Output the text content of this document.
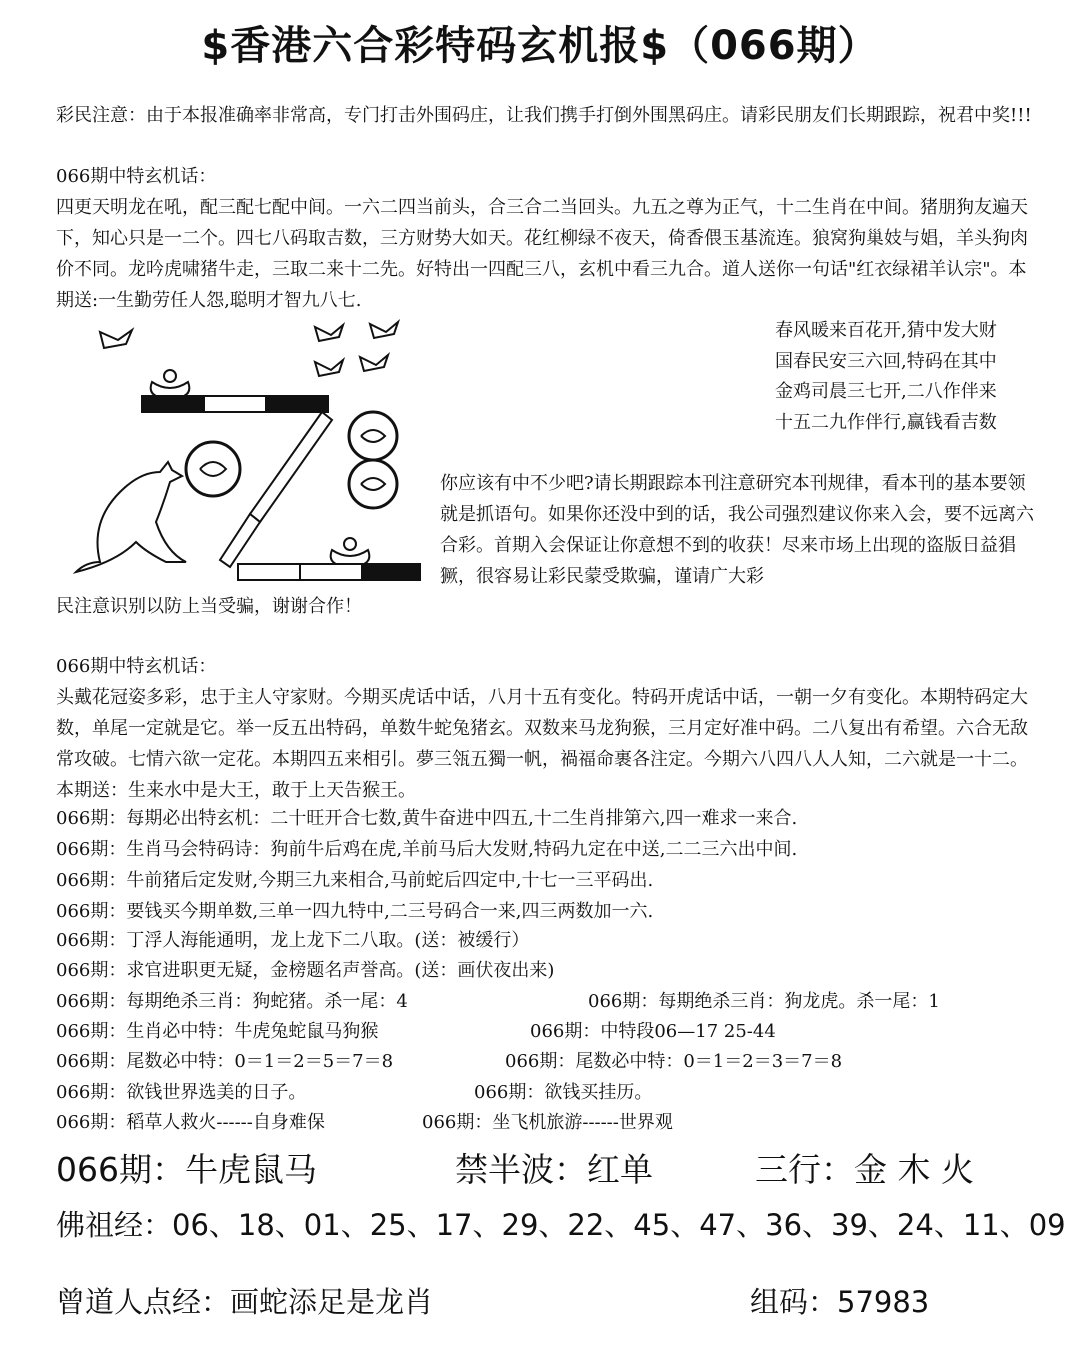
$香港六合彩特码玄机报$（066期）
彩民注意：由于本报准确率非常高，专门打击外围码庄，让我们携手打倒外围黑码庄。请彩民朋友们长期跟踪，祝君中奖!!!
066期中特玄机话：
四更天明龙在吼，配三配七配中间。一六二四当前头，合三合二当回头。九五之尊为正气，十二生肖在中间。猪朋狗友遍天下，知心只是一二个。四七八码取吉数，三方财势大如天。花红柳绿不夜天，倚香偎玉基流连。狼窝狗巢妓与娼，羊头狗肉价不同。龙吟虎啸猪牛走，三取二来十二先。好特出一四配三八，玄机中看三九合。道人送你一句话"红衣绿裙羊认宗"。本期送:一生勤劳任人怨,聪明才智九八七.
春风暖来百花开,猜中发大财
国春民安三六回,特码在其中
金鸡司晨三七开,二八作伴来
十五二九作伴行,赢钱看吉数
你应该有中不少吧?请长期跟踪本刊注意研究本刊规律，看本刊的基本要领就是抓语句。如果你还没中到的话，我公司强烈建议你来入会，要不远离六合彩。首期入会保证让你意想不到的收获！尽来市场上出现的盗版日益猖獗，很容易让彩民蒙受欺骗，谨请广大彩
民注意识别以防上当受骗，谢谢合作！
066期中特玄机话：
头戴花冠姿多彩，忠于主人守家财。今期买虎话中话，八月十五有变化。特码开虎话中话，一朝一夕有变化。本期特码定大数，单尾一定就是它。举一反五出特码，单数牛蛇兔猪玄。双数来马龙狗猴，三月定好准中码。二八复出有希望。六合无敌常攻破。七情六欲一定花。本期四五来相引。夢三瓴五獨一帆，禍福命裹各注定。今期六八四八人人知，二六就是一十二。本期送：生来水中是大王，敢于上天告猴王。
066期：每期必出特玄机：二十旺开合七数,黄牛奋进中四五,十二生肖排第六,四一难求一来合.
066期：生肖马会特码诗：狗前牛后鸡在虎,羊前马后大发财,特码九定在中送,二二三六出中间.
066期：牛前猪后定发财,今期三九来相合,马前蛇后四定中,十七一三平码出.
066期：要钱买今期单数,三单一四九特中,二三号码合一来,四三两数加一六.
066期：丁浮人海能通明，龙上龙下二八取。(送：被缓行）
066期：求官进职更无疑，金榜题名声誉高。(送：画伏夜出来)
066期：每期绝杀三肖：狗蛇猪。杀一尾：4	066期：每期绝杀三肖：狗龙虎。杀一尾：1
066期：生肖必中特：牛虎兔蛇鼠马狗猴	066期：中特段06—17 25-44
066期：尾数必中特：0＝1＝2＝5＝7＝8	066期：尾数必中特：0＝1＝2＝3＝7＝8
066期：欲钱世界选美的日子。	066期：欲钱买挂历。
066期：稻草人救火------自身难保	066期：坐飞机旅游------世界观
066期：牛虎鼠马	禁半波：红单	三行：金 木 火
佛祖经：06、18、01、25、17、29、22、45、47、36、39、24、11、09
曾道人点经：画蛇添足是龙肖	组码：57983
